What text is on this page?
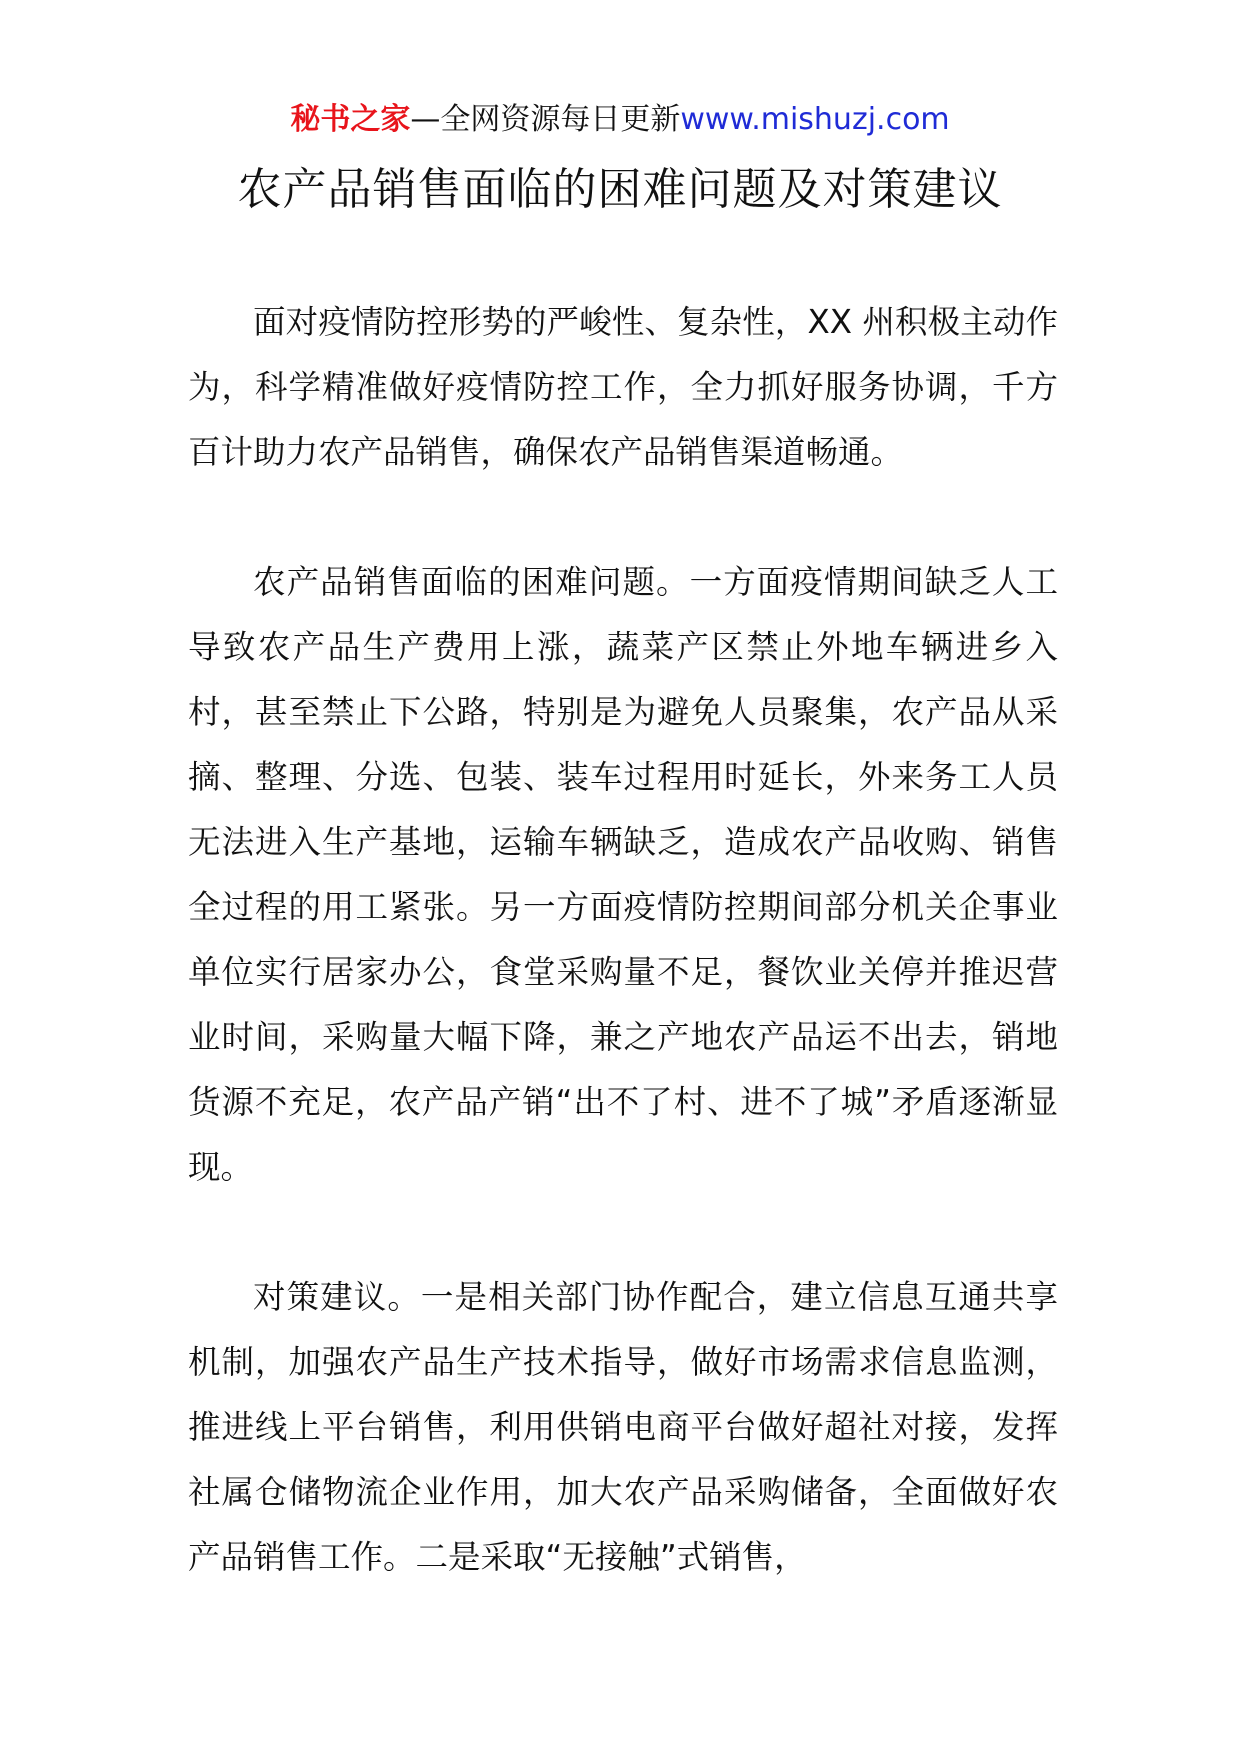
秘书之家—全网资源每日更新www.mishuzj.com
农产品销售面临的困难问题及对策建议

面对疫情防控形势的严峻性、复杂性，XX 州积极主动作为，科学精准做好疫情防控工作，全力抓好服务协调，千方百计助力农产品销售，确保农产品销售渠道畅通。

农产品销售面临的困难问题。一方面疫情期间缺乏人工导致农产品生产费用上涨，蔬菜产区禁止外地车辆进乡入村，甚至禁止下公路，特别是为避免人员聚集，农产品从采摘、整理、分选、包装、装车过程用时延长，外来务工人员无法进入生产基地，运输车辆缺乏，造成农产品收购、销售全过程的用工紧张。另一方面疫情防控期间部分机关企事业单位实行居家办公，食堂采购量不足，餐饮业关停并推迟营业时间，采购量大幅下降，兼之产地农产品运不出去，销地货源不充足，农产品产销“出不了村、进不了城”矛盾逐渐显现。

对策建议。一是相关部门协作配合，建立信息互通共享机制，加强农产品生产技术指导，做好市场需求信息监测，推进线上平台销售，利用供销电商平台做好超社对接，发挥社属仓储物流企业作用，加大农产品采购储备，全面做好农产品销售工作。二是采取“无接触”式销售，
